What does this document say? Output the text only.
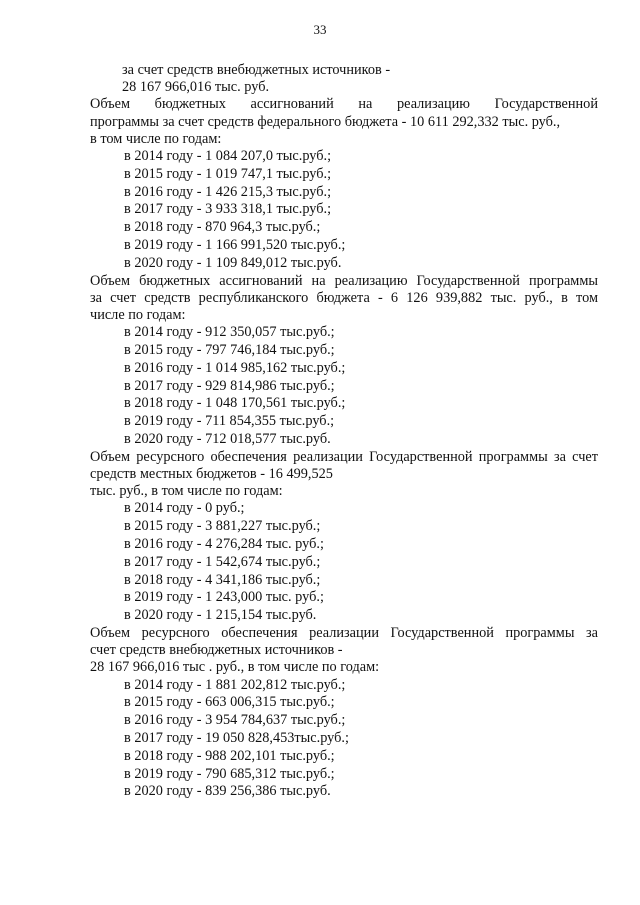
33
за счет средств внебюджетных источников -
28 167 966,016 тыс. руб.
Объем бюджетных ассигнований на реализацию Государственной
программы за счет средств федерального бюджета - 10 611 292,332 тыс. руб.,
в том числе по годам:
в 2014 году - 1 084 207,0 тыс.руб.;
в 2015 году - 1 019 747,1 тыс.руб.;
в 2016 году - 1 426 215,3 тыс.руб.;
в 2017 году - 3 933 318,1 тыс.руб.;
в 2018 году - 870 964,3 тыс.руб.;
в 2019 году - 1 166 991,520 тыс.руб.;
в 2020 году - 1 109 849,012 тыс.руб.
Объем бюджетных ассигнований на реализацию Государственной программы
за счет средств республиканского бюджета - 6 126 939,882 тыс. руб., в том
числе по годам:
в 2014 году - 912 350,057 тыс.руб.;
в 2015 году - 797 746,184 тыс.руб.;
в 2016 году - 1 014 985,162 тыс.руб.;
в 2017 году - 929 814,986 тыс.руб.;
в 2018 году - 1 048 170,561 тыс.руб.;
в 2019 году - 711 854,355 тыс.руб.;
в 2020 году - 712 018,577 тыс.руб.
Объем ресурсного обеспечения реализации Государственной программы за счет
средств местных бюджетов - 16 499,525
тыс. руб., в том числе по годам:
в 2014 году - 0 руб.;
в 2015 году - 3 881,227 тыс.руб.;
в 2016 году - 4 276,284 тыс. руб.;
в 2017 году - 1 542,674 тыс.руб.;
в 2018 году - 4 341,186 тыс.руб.;
в 2019 году - 1 243,000 тыс. руб.;
в 2020 году - 1 215,154 тыс.руб.
Объем ресурсного обеспечения реализации Государственной программы за
счет средств внебюджетных источников -
28 167 966,016 тыс . руб., в том числе по годам:
в 2014 году - 1 881 202,812 тыс.руб.;
в 2015 году - 663 006,315 тыс.руб.;
в 2016 году - 3 954 784,637 тыс.руб.;
в 2017 году - 19 050 828,453тыс.руб.;
в 2018 году - 988 202,101 тыс.руб.;
в 2019 году - 790 685,312 тыс.руб.;
в 2020 году - 839 256,386 тыс.руб.
